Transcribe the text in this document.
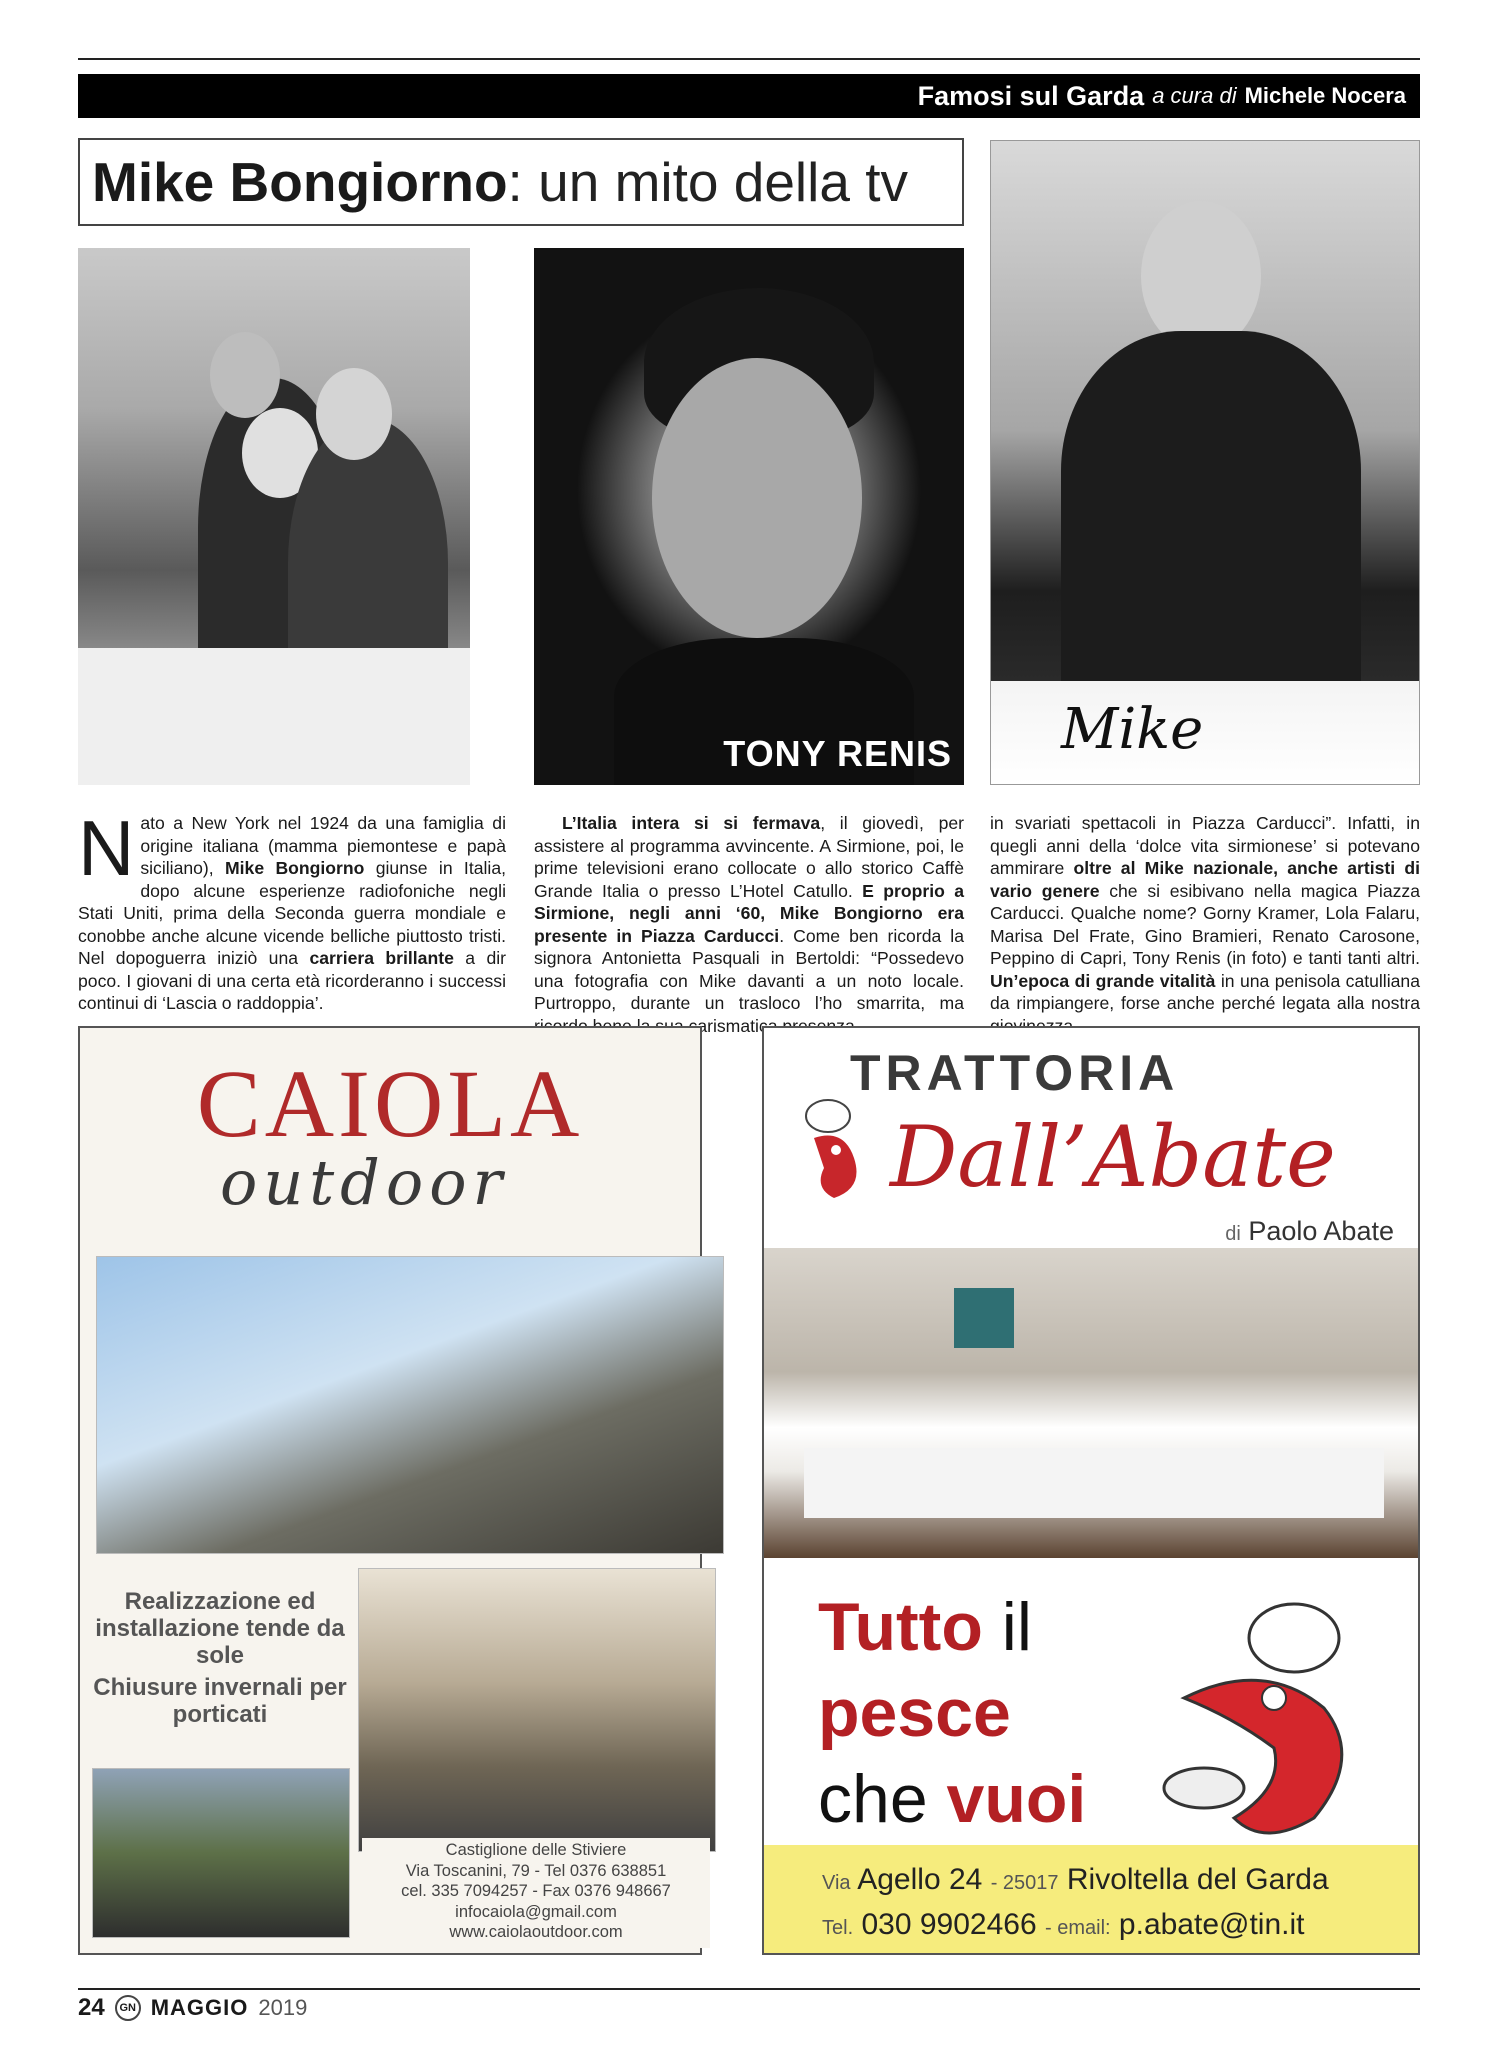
Famosi sul Garda a cura di Michele Nocera
Mike Bongiorno : un mito della tv
TONY RENIS Mike
Nato a New York nel 1924 da una famiglia di origine italiana (mamma piemontese e papà siciliano), Mike Bongiorno giunse in Italia, dopo alcune esperienze radiofoniche negli Stati Uniti, prima della Seconda guerra mondiale e conobbe anche alcune vicende belliche piuttosto tristi. Nel dopoguerra iniziò una carriera brillante a dir poco. I giovani di una certa età ricorderanno i successi continui di ‘Lascia o raddoppia’.
L’Italia intera si si fermava, il giovedì, per assistere al programma avvincente. A Sirmione, poi, le prime televisioni erano collocate o allo storico Caffè Grande Italia o presso L’Hotel Catullo. E proprio a Sirmione, negli anni ‘60, Mike Bongiorno era presente in Piazza Carducci. Come ben ricorda la signora Antonietta Pasquali in Bertoldi: “Possedevo una fotografia con Mike davanti a un noto locale. Purtroppo, durante un trasloco l’ho smarrita, ma carismatica
in svariati spettacoli in Piazza Carducci”. Infatti, in quegli anni della ‘dolce vita sirmionese’ si potevano ammirare oltre al Mike nazionale, anche artisti di vario genere che si esibivano nella magica Piazza Carducci. Qualche nome? Gorny Kramer, Lola Falaru, Marisa Del Frate, Gino Bramieri, Renato Carosone, Peppino di Capri, Tony Renis (in foto) e tanti tanti altri. Un’epoca di grande vitalità in una penisola catulliana da rimpiangere, forse anche perché legata alla nostra
CAIOLA
outdoor
Realizzazione ed installazione tende da sole
Chiusure invernali per porticati
Castiglione delle Stiviere
Via Toscanini, 79 - Tel 0376 638851
cel. 335 7094257 - Fax 0376 948667
infocaiola@gmail.com
www.caiolaoutdoor.com
TRATTORIA
Dall’Abate
di Paolo Abate
Tutto il
pesce
che vuoi
Via Agello 24 - 25017 Rivoltella del Garda
Tel. 030 9902466 - email: p.abate@tin.it
24	GN MAGGIO 2019
